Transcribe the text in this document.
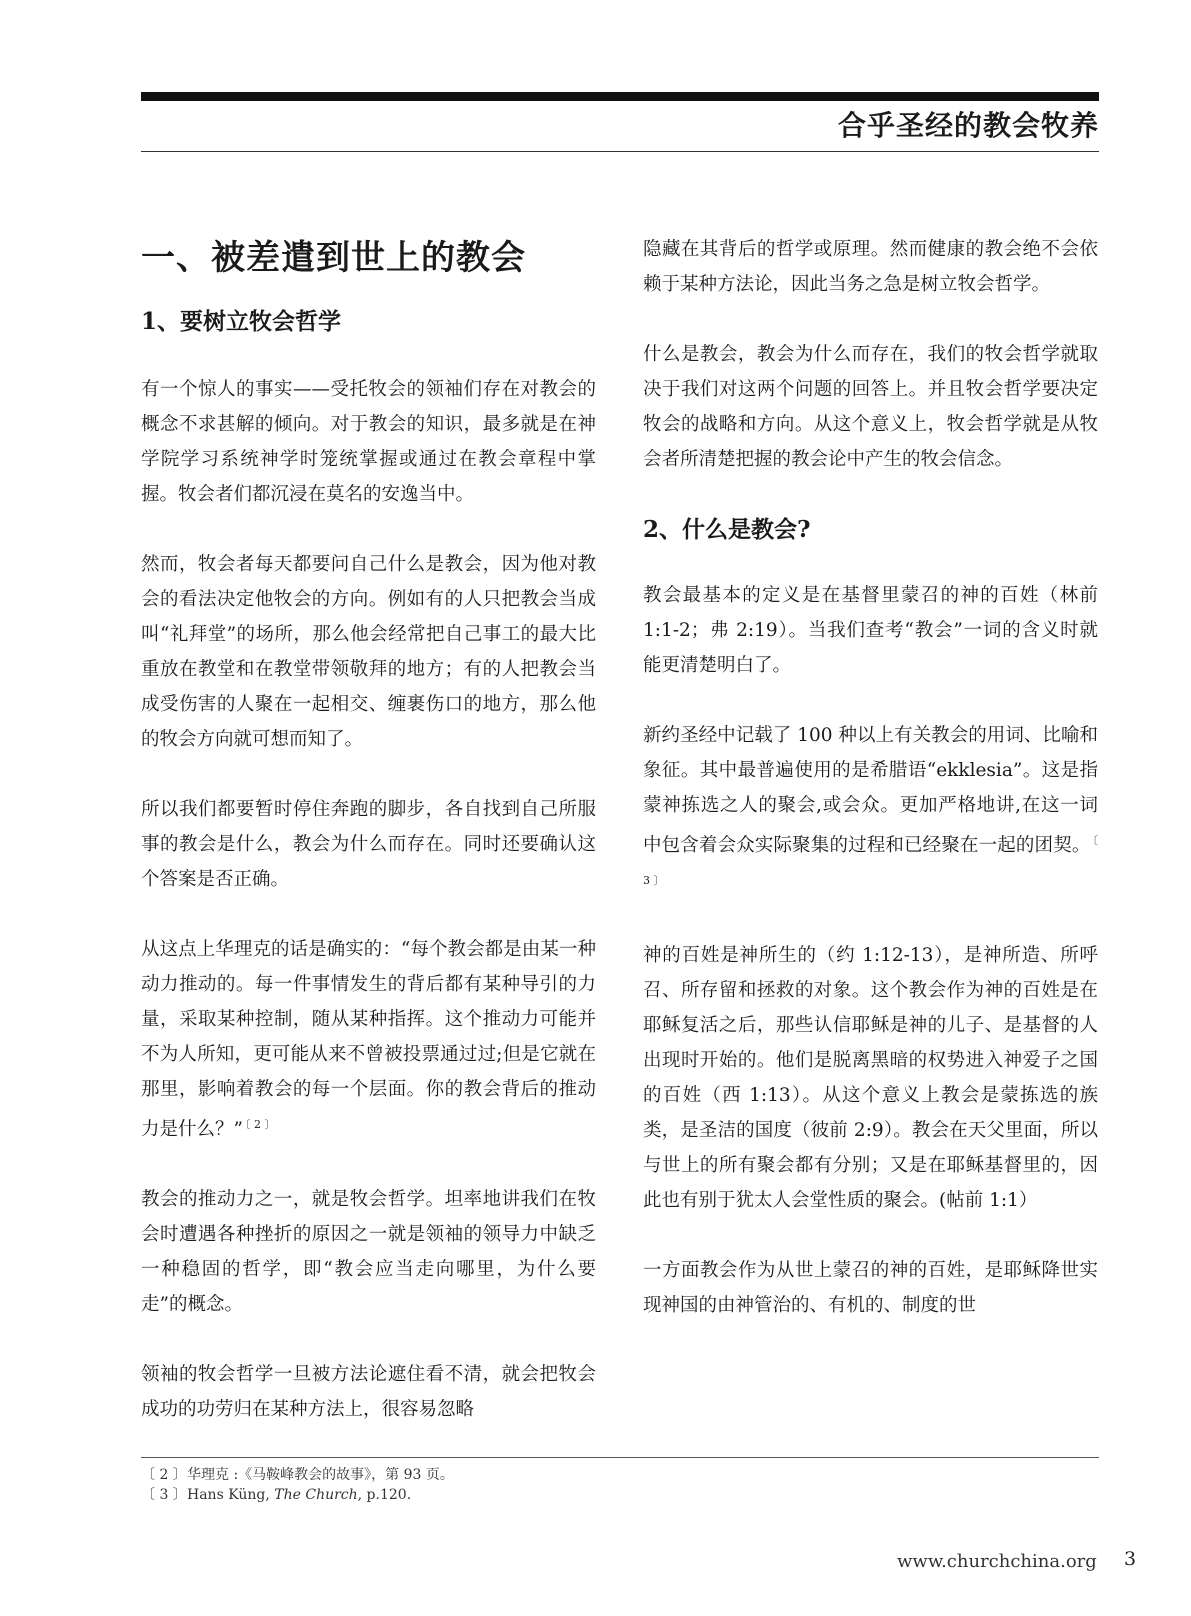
合乎圣经的教会牧养
一、被差遣到世上的教会
1、要树立牧会哲学

有一个惊人的事实——受托牧会的领袖们存在对教会的概念不求甚解的倾向。对于教会的知识，最多就是在神学院学习系统神学时笼统掌握或通过在教会章程中掌握。牧会者们都沉浸在莫名的安逸当中。

然而，牧会者每天都要问自己什么是教会，因为他对教会的看法决定他牧会的方向。例如有的人只把教会当成叫“礼拜堂”的场所，那么他会经常把自己事工的最大比重放在教堂和在教堂带领敬拜的地方；有的人把教会当成受伤害的人聚在一起相交、缠裹伤口的地方，那么他的牧会方向就可想而知了。

所以我们都要暂时停住奔跑的脚步，各自找到自己所服事的教会是什么，教会为什么而存在。同时还要确认这个答案是否正确。

从这点上华理克的话是确实的：“每个教会都是由某一种动力推动的。每一件事情发生的背后都有某种导引的力量，采取某种控制，随从某种指挥。这个推动力可能并不为人所知，更可能从来不曾被投票通过过;但是它就在那里，影响着教会的每一个层面。你的教会背后的推动力是什么？” $^{〔 2 〕}$

教会的推动力之一，就是牧会哲学。坦率地讲我们在牧会时遭遇各种挫折的原因之一就是领袖的领导力中缺乏一种稳固的哲学，即“教会应当走向哪里，为什么要走”的概念。

领袖的牧会哲学一旦被方法论遮住看不清，就会把牧会成功的功劳归在某种方法上，很容易忽略

隐藏在其背后的哲学或原理。然而健康的教会绝不会依赖于某种方法论，因此当务之急是树立牧会哲学。

什么是教会，教会为什么而存在，我们的牧会哲学就取决于我们对这两个问题的回答上。并且牧会哲学要决定牧会的战略和方向。从这个意义上，牧会哲学就是从牧会者所清楚把握的教会论中产生的牧会信念。

2、什么是教会?

教会最基本的定义是在基督里蒙召的神的百姓（林前 1:1-2；弗 2:19）。当我们查考“教会”一词的含义时就能更清楚明白了。

新约圣经中记载了 100 种以上有关教会的用词、比喻和象征。其中最普遍使用的是希腊语“ekklesia”。这是指蒙神拣选之人的聚会,或会众。更加严格地讲,在这一词中包含着会众实际聚集的过程和已经聚在一起的团契。 $^{〔 3 〕}$

神的百姓是神所生的（约 1:12-13），是神所造、所呼召、所存留和拯救的对象。这个教会作为神的百姓是在耶稣复活之后，那些认信耶稣是神的儿子、是基督的人出现时开始的。他们是脱离黑暗的权势进入神爱子之国的百姓（西 1:13）。从这个意义上教会是蒙拣选的族类，是圣洁的国度（彼前 2:9）。教会在天父里面，所以与世上的所有聚会都有分别；又是在耶稣基督里的，因此也有别于犹太人会堂性质的聚会。(帖前 1:1）

一方面教会作为从世上蒙召的神的百姓，是耶稣降世实现神国的由神管治的、有机的、制度的世

〔 2 〕华理克 :《马鞍峰教会的故事》，第 93 页。
〔 3 〕Hans Küng, The Church, p.120.
www.churchchina.org 3
